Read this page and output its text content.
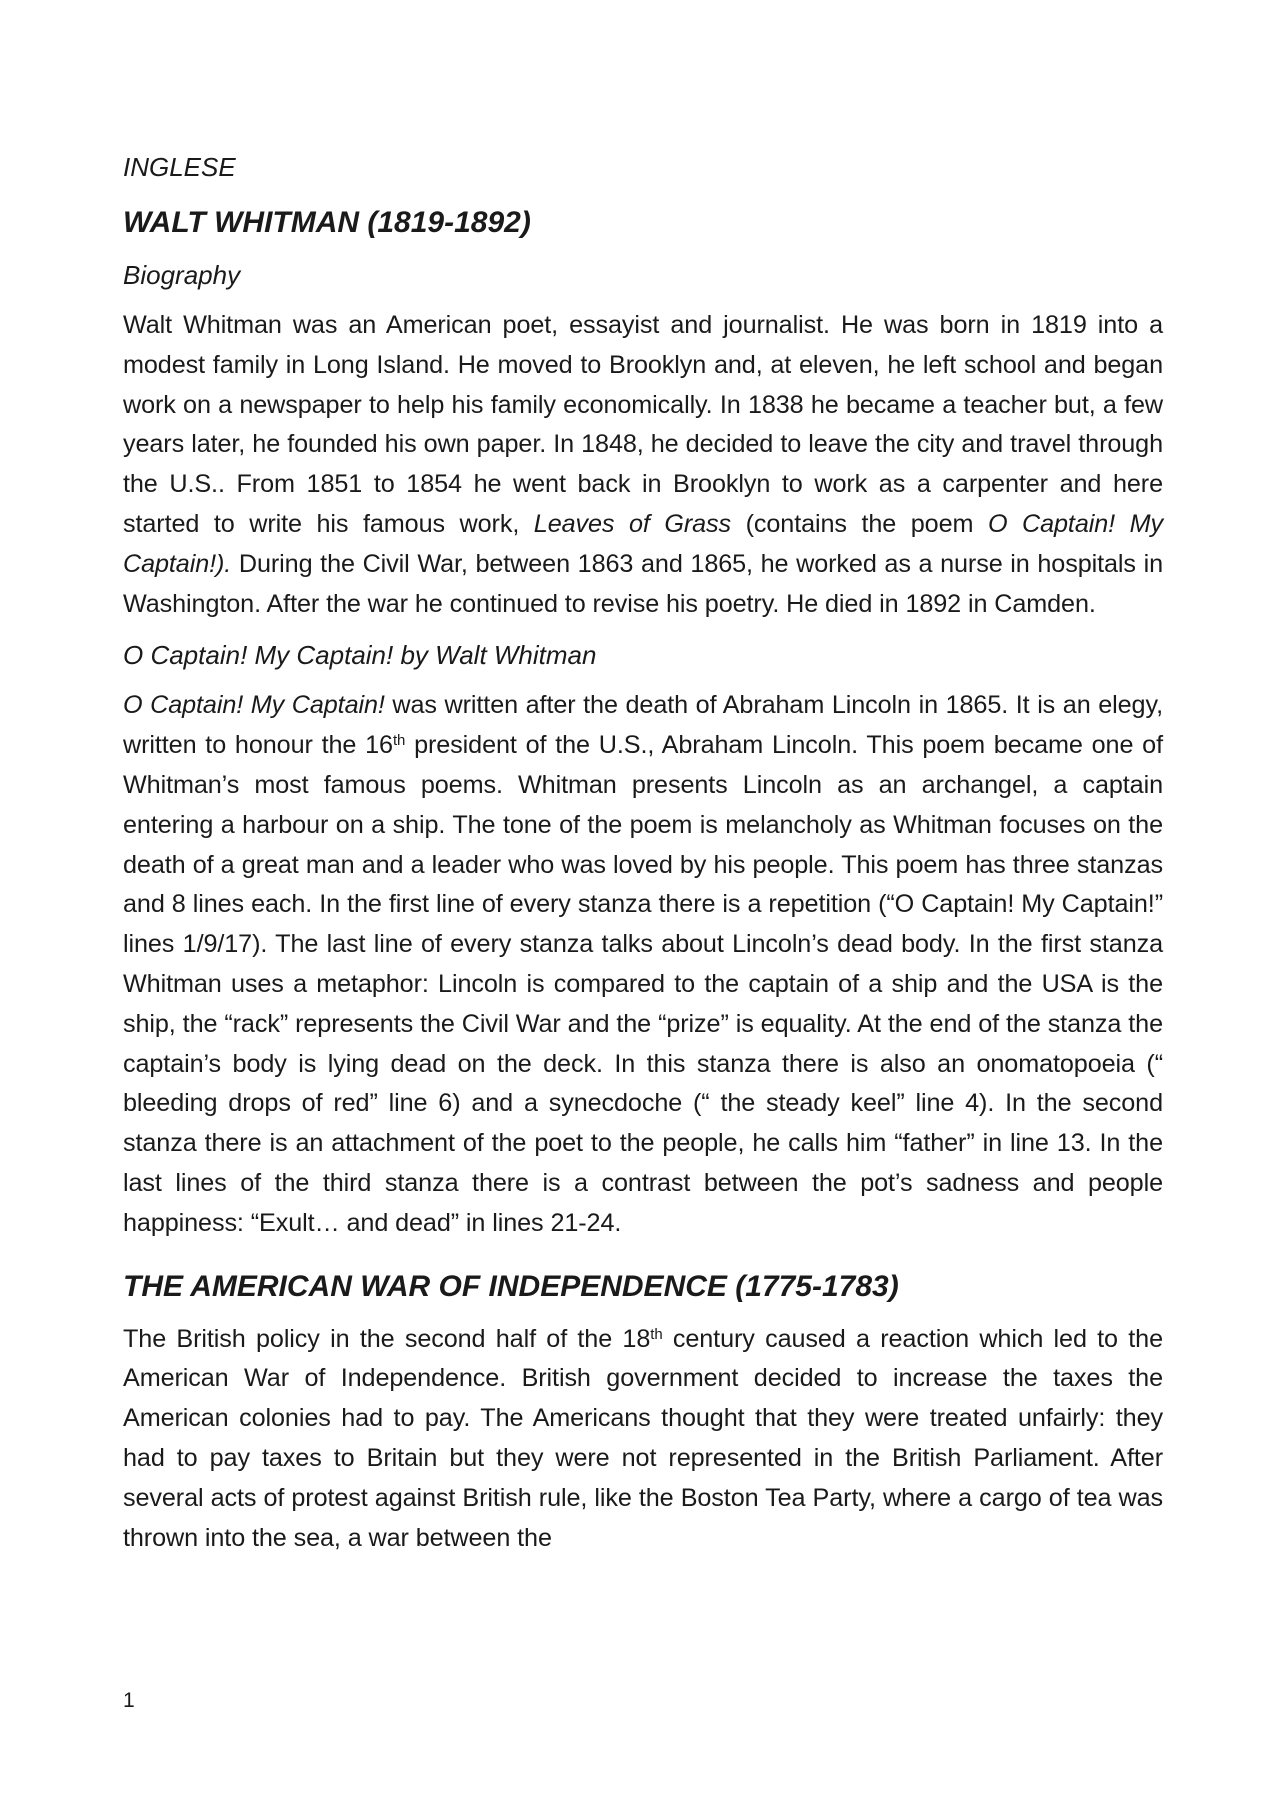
INGLESE
WALT WHITMAN (1819-1892)
Biography

Walt Whitman was an American poet, essayist and journalist. He was born in 1819 into a modest family in Long Island. He moved to Brooklyn and, at eleven, he left school and began work on a newspaper to help his family economically. In 1838 he became a teacher but, a few years later, he founded his own paper. In 1848, he decided to leave the city and travel through the U.S.. From 1851 to 1854 he went back in Brooklyn to work as a carpenter and here started to write his famous work, Leaves of Grass (contains the poem O Captain! My Captain!). During the Civil War, between 1863 and 1865, he worked as a nurse in hospitals in Washington. After the war he continued to revise his poetry. He died in 1892 in Camden.

O Captain! My Captain! by Walt Whitman

O Captain! My Captain! was written after the death of Abraham Lincoln in 1865. It is an elegy, written to honour the 16th president of the U.S., Abraham Lincoln. This poem became one of Whitman’s most famous poems. Whitman presents Lincoln as an archangel, a captain entering a harbour on a ship. The tone of the poem is melancholy as Whitman focuses on the death of a great man and a leader who was loved by his people. This poem has three stanzas and 8 lines each. In the first line of every stanza there is a repetition (“O Captain! My Captain!” lines 1/9/17). The last line of every stanza talks about Lincoln’s dead body. In the first stanza Whitman uses a metaphor: Lincoln is compared to the captain of a ship and the USA is the ship, the “rack” represents the Civil War and the “prize” is equality. At the end of the stanza the captain’s body is lying dead on the deck. In this stanza there is also an onomatopoeia (“ bleeding drops of red” line 6) and a synecdoche (“ the steady keel” line 4). In the second stanza there is an attachment of the poet to the people, he calls him “father” in line 13. In the last lines of the third stanza there is a contrast between the pot’s sadness and people happiness: “Exult… and dead” in lines 21-24.

THE AMERICAN WAR OF INDEPENDENCE (1775-1783)

The British policy in the second half of the 18th century caused a reaction which led to the American War of Independence. British government decided to increase the taxes the American colonies had to pay. The Americans thought that they were treated unfairly: they had to pay taxes to Britain but they were not represented in the British Parliament. After several acts of protest against British rule, like the Boston Tea Party, where a cargo of tea was thrown into the sea, a war between the

1
